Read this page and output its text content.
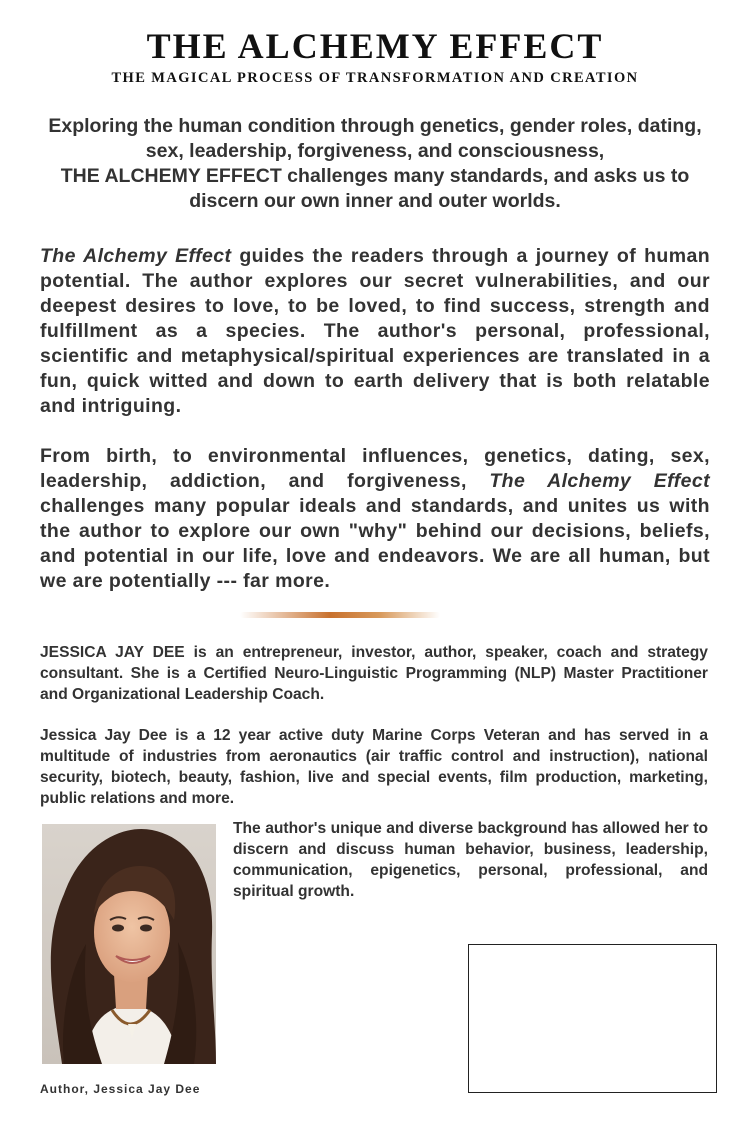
THE ALCHEMY EFFECT
THE MAGICAL PROCESS OF TRANSFORMATION AND CREATION
Exploring the human condition through genetics, gender roles, dating, sex, leadership, forgiveness, and consciousness,
THE ALCHEMY EFFECT challenges many standards, and asks us to discern our own inner and outer worlds.
The Alchemy Effect guides the readers through a journey of human potential. The author explores our secret vulnerabilities, and our deepest desires to love, to be loved, to find success, strength and fulfillment as a species. The author's personal, professional, scientific and metaphysical/spiritual experiences are translated in a fun, quick witted and down to earth delivery that is both relatable and intriguing.
From birth, to environmental influences, genetics, dating, sex, leadership, addiction, and forgiveness, The Alchemy Effect challenges many popular ideals and standards, and unites us with the author to explore our own "why" behind our decisions, beliefs, and potential in our life, love and endeavors. We are all human, but we are potentially --- far more.
JESSICA JAY DEE is an entrepreneur, investor, author, speaker, coach and strategy consultant. She is a Certified Neuro-Linguistic Programming (NLP) Master Practitioner and Organizational Leadership Coach.
Jessica Jay Dee is a 12 year active duty Marine Corps Veteran and has served in a multitude of industries from aeronautics (air traffic control and instruction), national security, biotech, beauty, fashion, live and special events, film production, marketing, public relations and more.
The author's unique and diverse background has allowed her to discern and discuss human behavior, business, leadership, communication, epigenetics, personal, professional, and spiritual growth.
Author, Jessica Jay Dee
